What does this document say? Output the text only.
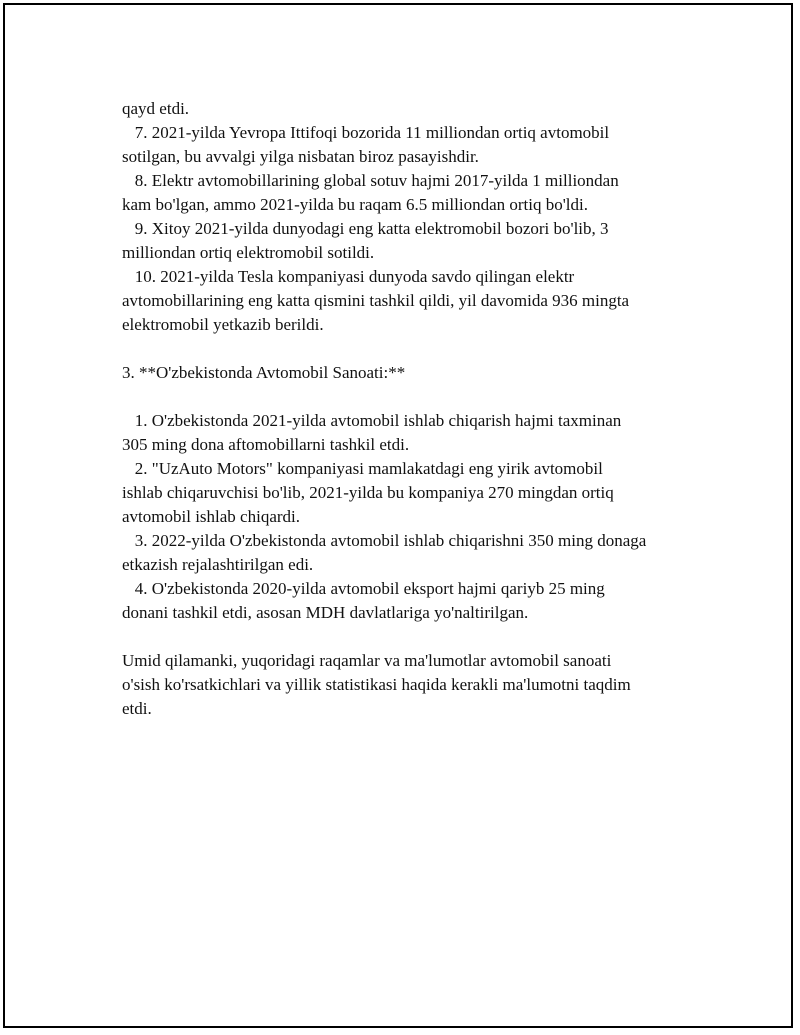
qayd etdi.
7. 2021-yilda Yevropa Ittifoqi bozorida 11 milliondan ortiq avtomobil
sotilgan, bu avvalgi yilga nisbatan biroz pasayishdir.
8. Elektr avtomobillarining global sotuv hajmi 2017-yilda 1 milliondan
kam bo'lgan, ammo 2021-yilda bu raqam 6.5 milliondan ortiq bo'ldi.
9. Xitoy 2021-yilda dunyodagi eng katta elektromobil bozori bo'lib, 3
milliondan ortiq elektromobil sotildi.
10. 2021-yilda Tesla kompaniyasi dunyoda savdo qilingan elektr
avtomobillarining eng katta qismini tashkil qildi, yil davomida 936 mingta
elektromobil yetkazib berildi.
3. **O'zbekistonda Avtomobil Sanoati:**
1. O'zbekistonda 2021-yilda avtomobil ishlab chiqarish hajmi taxminan
305 ming dona aftomobillarni tashkil etdi.
2. "UzAuto Motors" kompaniyasi mamlakatdagi eng yirik avtomobil
ishlab chiqaruvchisi bo'lib, 2021-yilda bu kompaniya 270 mingdan ortiq
avtomobil ishlab chiqardi.
3. 2022-yilda O'zbekistonda avtomobil ishlab chiqarishni 350 ming donaga
etkazish rejalashtirilgan edi.
4. O'zbekistonda 2020-yilda avtomobil eksport hajmi qariyb 25 ming
donani tashkil etdi, asosan MDH davlatlariga yo'naltirilgan.
Umid qilamanki, yuqoridagi raqamlar va ma'lumotlar avtomobil sanoati
o'sish ko'rsatkichlari va yillik statistikasi haqida kerakli ma'lumotni taqdim
etdi.
